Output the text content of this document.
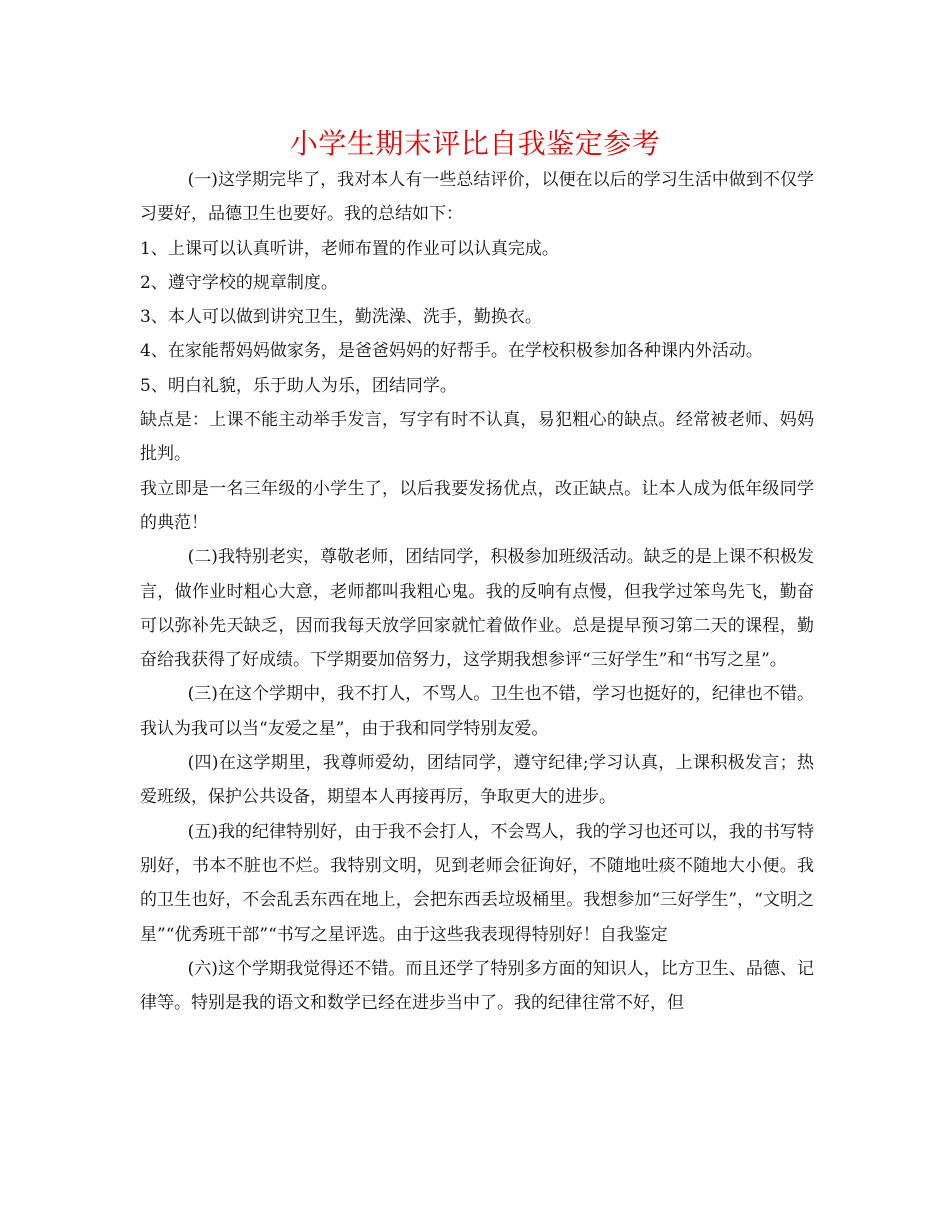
小学生期末评比自我鉴定参考

(一)这学期完毕了，我对本人有一些总结评价，以便在以后的学习生活中做到不仅学习要好，品德卫生也要好。我的总结如下：

1、上课可以认真听讲，老师布置的作业可以认真完成。

2、遵守学校的规章制度。

3、本人可以做到讲究卫生，勤洗澡、洗手，勤换衣。

4、在家能帮妈妈做家务，是爸爸妈妈的好帮手。在学校积极参加各种课内外活动。

5、明白礼貌，乐于助人为乐，团结同学。

缺点是：上课不能主动举手发言，写字有时不认真，易犯粗心的缺点。经常被老师、妈妈批判。

我立即是一名三年级的小学生了，以后我要发扬优点，改正缺点。让本人成为低年级同学的典范！

(二)我特别老实，尊敬老师，团结同学，积极参加班级活动。缺乏的是上课不积极发言，做作业时粗心大意，老师都叫我粗心鬼。我的反响有点慢，但我学过笨鸟先飞，勤奋可以弥补先天缺乏，因而我每天放学回家就忙着做作业。总是提早预习第二天的课程，勤奋给我获得了好成绩。下学期要加倍努力，这学期我想参评“三好学生”和“书写之星”。

(三)在这个学期中，我不打人，不骂人。卫生也不错，学习也挺好的，纪律也不错。我认为我可以当“友爱之星”，由于我和同学特别友爱。

(四)在这学期里，我尊师爱幼，团结同学，遵守纪律;学习认真，上课积极发言；热爱班级，保护公共设备，期望本人再接再厉，争取更大的进步。

(五)我的纪律特别好，由于我不会打人，不会骂人，我的学习也还可以，我的书写特别好，书本不脏也不烂。我特别文明，见到老师会征询好，不随地吐痰不随地大小便。我的卫生也好，不会乱丢东西在地上，会把东西丢垃圾桶里。我想参加“三好学生”，“文明之星”“优秀班干部”“书写之星评选。由于这些我表现得特别好！自我鉴定

(六)这个学期我觉得还不错。而且还学了特别多方面的知识人，比方卫生、品德、记律等。特别是我的语文和数学已经在进步当中了。我的纪律往常不好，但
